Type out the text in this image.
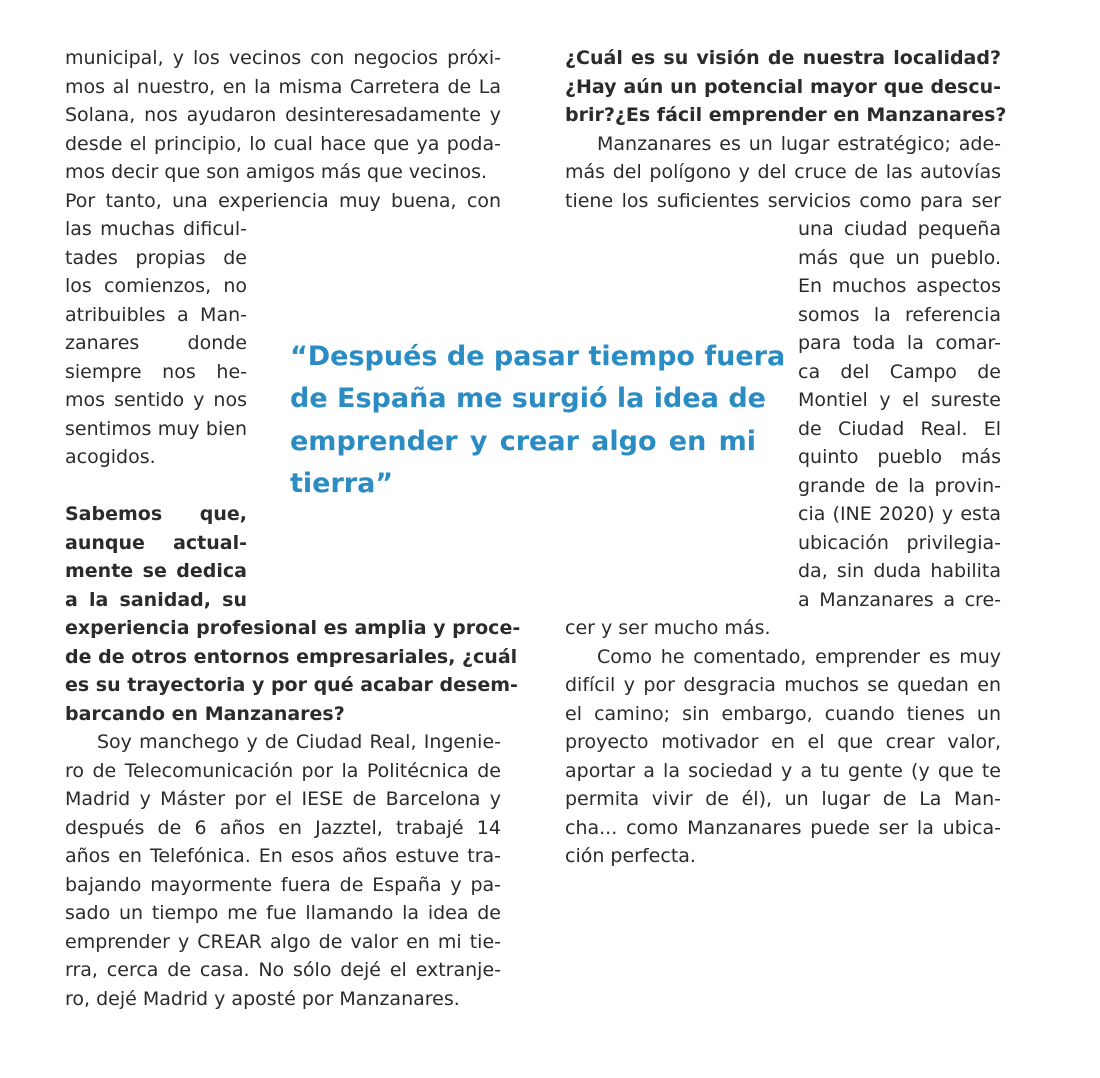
municipal, y los vecinos con negocios próxi-

mos al nuestro, en la misma Carretera de La

Solana, nos ayudaron desinteresadamente y

desde el principio, lo cual hace que ya poda-

mos decir que son amigos más que vecinos.

Por tanto, una experiencia muy buena, con

las muchas dificul-

tades propias de

los comienzos, no

atribuibles a Man-

zanares donde

siempre nos he-

mos sentido y nos

sentimos muy bien

acogidos.

Sabemos que,

aunque actual-

mente se dedica

a la sanidad, su

experiencia profesional es amplia y proce-

de de otros entornos empresariales, ¿cuál

es su trayectoria y por qué acabar desem-

barcando en Manzanares?

Soy manchego y de Ciudad Real, Ingenie-

ro de Telecomunicación por la Politécnica de

Madrid y Máster por el IESE de Barcelona y

después de 6 años en Jazztel, trabajé 14

años en Telefónica. En esos años estuve tra-

bajando mayormente fuera de España y pa-

sado un tiempo me fue llamando la idea de

emprender y CREAR algo de valor en mi tie-

rra, cerca de casa. No sólo dejé el extranje-

ro, dejé Madrid y aposté por Manzanares.

“Después de pasar tiempo fuera
de España me surgió la idea de
emprender y crear algo en mi
tierra”

¿Cuál es su visión de nuestra localidad?

¿Hay aún un potencial mayor que descu-

brir?¿Es fácil emprender en Manzanares?

Manzanares es un lugar estratégico; ade-

más del polígono y del cruce de las autovías

tiene los suficientes servicios como para ser

una ciudad pequeña

más que un pueblo.

En muchos aspectos

somos la referencia

para toda la comar-

ca del Campo de

Montiel y el sureste

de Ciudad Real. El

quinto pueblo más

grande de la provin-

cia (INE 2020) y esta

ubicación privilegia-

da, sin duda habilita

a Manzanares a cre-

cer y ser mucho más.

Como he comentado, emprender es muy

difícil y por desgracia muchos se quedan en

el camino; sin embargo, cuando tienes un

proyecto motivador en el que crear valor,

aportar a la sociedad y a tu gente (y que te

permita vivir de él), un lugar de La Man-

cha... como Manzanares puede ser la ubica-

ción perfecta.
